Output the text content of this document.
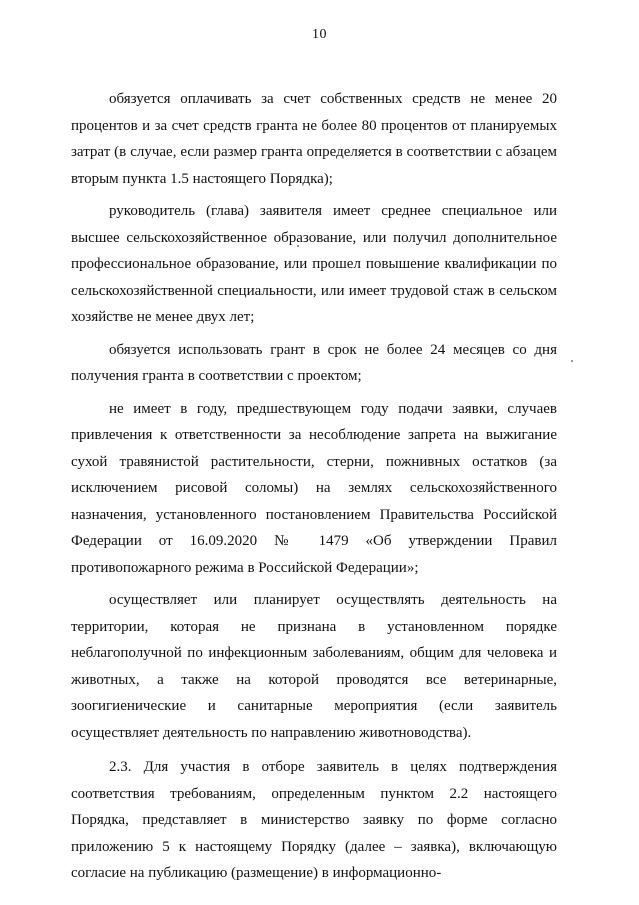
10

обязуется оплачивать за счет собственных средств не менее 20 процентов и за счет средств гранта не более 80 процентов от планируемых затрат (в случае, если размер гранта определяется в соответствии с абзацем вторым пункта 1.5 настоящего Порядка);

руководитель (глава) заявителя имеет среднее специальное или высшее сельскохозяйственное образование, или получил дополнительное профессиональное образование, или прошел повышение квалификации по сельскохозяйственной специальности, или имеет трудовой стаж в сельском хозяйстве не менее двух лет;

обязуется использовать грант в срок не более 24 месяцев со дня получения гранта в соответствии с проектом;

не имеет в году, предшествующем году подачи заявки, случаев привлечения к ответственности за несоблюдение запрета на выжигание сухой травянистой растительности, стерни, пожнивных остатков (за исключением рисовой соломы) на землях сельскохозяйственного назначения, установленного постановлением Правительства Российской Федерации от 16.09.2020 № 1479 «Об утверждении Правил противопожарного режима в Российской Федерации»;

осуществляет или планирует осуществлять деятельность на территории, которая не признана в установленном порядке неблагополучной по инфекционным заболеваниям, общим для человека и животных, а также на которой проводятся все ветеринарные, зоогигиенические и санитарные мероприятия (если заявитель осуществляет деятельность по направлению животноводства).

2.3. Для участия в отборе заявитель в целях подтверждения соответствия требованиям, определенным пунктом 2.2 настоящего Порядка, представляет в министерство заявку по форме согласно приложению 5 к настоящему Порядку (далее – заявка), включающую согласие на публикацию (размещение) в информационно-
